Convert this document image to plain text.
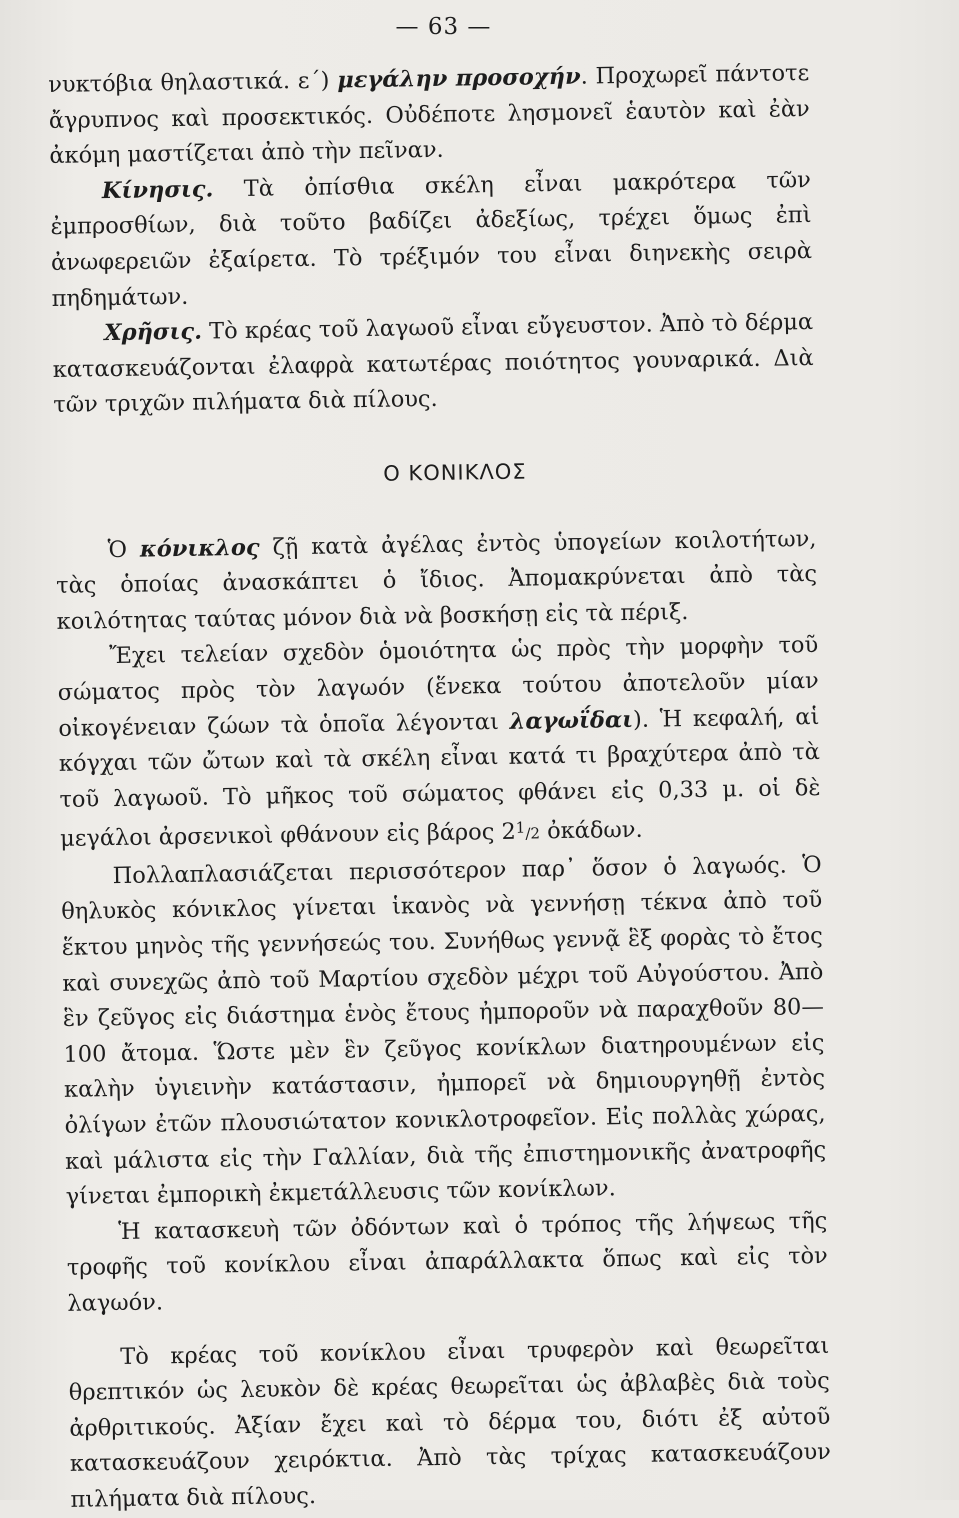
— 63 —

νυκτόβια θηλαστικά. ε΄) μεγάλην προσοχήν. Προχωρεῖ πάντοτε ἄγρυπνος καὶ προσεκτικός. Οὐδέποτε λησμονεῖ ἑαυτὸν καὶ ἐὰν ἀκόμη μαστίζεται ἀπὸ τὴν πεῖναν.

Κίνησις. Τὰ ὀπίσθια σκέλη εἶναι μακρότερα τῶν ἐμπροσθίων, διὰ τοῦτο βαδίζει ἀδεξίως, τρέχει ὅμως ἐπὶ ἀνωφερειῶν ἐξαίρετα. Τὸ τρέξιμόν του εἶναι διηνεκὴς σειρὰ πηδημάτων.

Χρῆσις. Τὸ κρέας τοῦ λαγωοῦ εἶναι εὔγευστον. Ἀπὸ τὸ δέρμα κατασκευάζονται ἐλαφρὰ κατωτέρας ποιότητος γουναρικά. Διὰ τῶν τριχῶν πιλήματα διὰ πίλους.

Ο ΚΟΝΙΚΛΟΣ

Ὁ κόνικλος ζῇ κατὰ ἀγέλας ἐντὸς ὑπογείων κοιλοτήτων, τὰς ὁποίας ἀνασκάπτει ὁ ἴδιος. Ἀπομακρύνεται ἀπὸ τὰς κοιλότητας ταύτας μόνον διὰ νὰ βοσκήσῃ εἰς τὰ πέριξ.

Ἔχει τελείαν σχεδὸν ὁμοιότητα ὡς πρὸς τὴν μορφὴν τοῦ σώματος πρὸς τὸν λαγωόν (ἕνεκα τούτου ἀποτελοῦν μίαν οἰκογένειαν ζώων τὰ ὁποῖα λέγονται λαγωΐδαι). Ἡ κεφαλή, αἱ κόγχαι τῶν ὤτων καὶ τὰ σκέλη εἶναι κατά τι βραχύτερα ἀπὸ τὰ τοῦ λαγωοῦ. Τὸ μῆκος τοῦ σώματος φθάνει εἰς 0,33 μ. οἱ δὲ μεγάλοι ἀρσενικοὶ φθάνουν εἰς βάρος $2^1/2$ ὀκάδων.

Πολλαπλασιάζεται περισσότερον παρ᾽ ὅσον ὁ λαγωός. Ὁ θηλυκὸς κόνικλος γίνεται ἱκανὸς νὰ γεννήσῃ τέκνα ἀπὸ τοῦ ἕκτου μηνὸς τῆς γεννήσεώς του. Συνήθως γεννᾷ ἓξ φορὰς τὸ ἔτος καὶ συνεχῶς ἀπὸ τοῦ Μαρτίου σχεδὸν μέχρι τοῦ Αὐγούστου. Ἀπὸ ἓν ζεῦγος εἰς διάστημα ἑνὸς ἔτους ἠμποροῦν νὰ παραχθοῦν 80—100 ἄτομα. Ὥστε μὲν ἓν ζεῦγος κονίκλων διατηρουμένων εἰς καλὴν ὑγιεινὴν κατάστασιν, ἠμπορεῖ νὰ δημιουργηθῇ ἐντὸς ὀλίγων ἐτῶν πλουσιώτατον κονικλοτροφεῖον. Εἰς πολλὰς χώρας, καὶ μάλιστα εἰς τὴν Γαλλίαν, διὰ τῆς ἐπιστημονικῆς ἀνατροφῆς γίνεται ἐμπορικὴ ἐκμετάλλευσις τῶν κονίκλων.

Ἡ κατασκευὴ τῶν ὀδόντων καὶ ὁ τρόπος τῆς λήψεως τῆς τροφῆς τοῦ κονίκλου εἶναι ἀπαράλλακτα ὅπως καὶ εἰς τὸν λαγωόν.

Τὸ κρέας τοῦ κονίκλου εἶναι τρυφερὸν καὶ θεωρεῖται θρεπτικόν ὡς λευκὸν δὲ κρέας θεωρεῖται ὡς ἀβλαβὲς διὰ τοὺς ἀρθριτικούς. Ἀξίαν ἔχει καὶ τὸ δέρμα του, διότι ἐξ αὐτοῦ κατασκευάζουν χειρόκτια. Ἀπὸ τὰς τρίχας κατασκευάζουν πιλήματα διὰ πίλους.
